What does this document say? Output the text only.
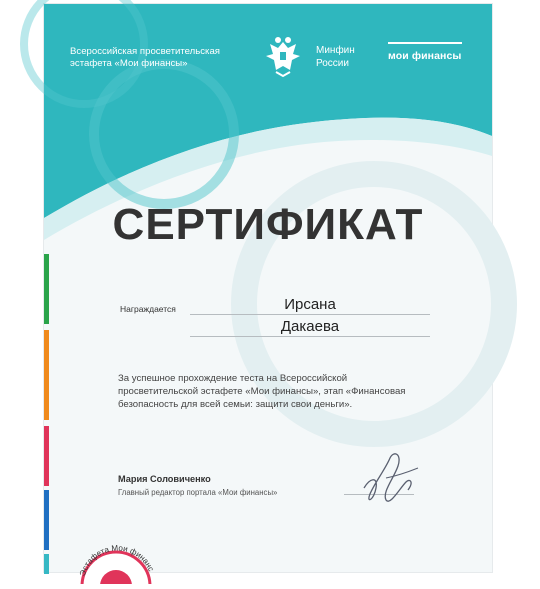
Всероссийская просветительская
эстафета «Мои финансы»
Минфин
России
мои финансы
СЕРТИФИКАТ
Награждается	Ирсана
Дакаева
За успешное прохождение теста на Всероссийской просветительской эстафете «Мои финансы», этап «Финансовая безопасность для всей семьи: защити свои деньги».
Мария Соловиченко
Главный редактор портала «Мои финансы»
Эстафета Мои финанс
